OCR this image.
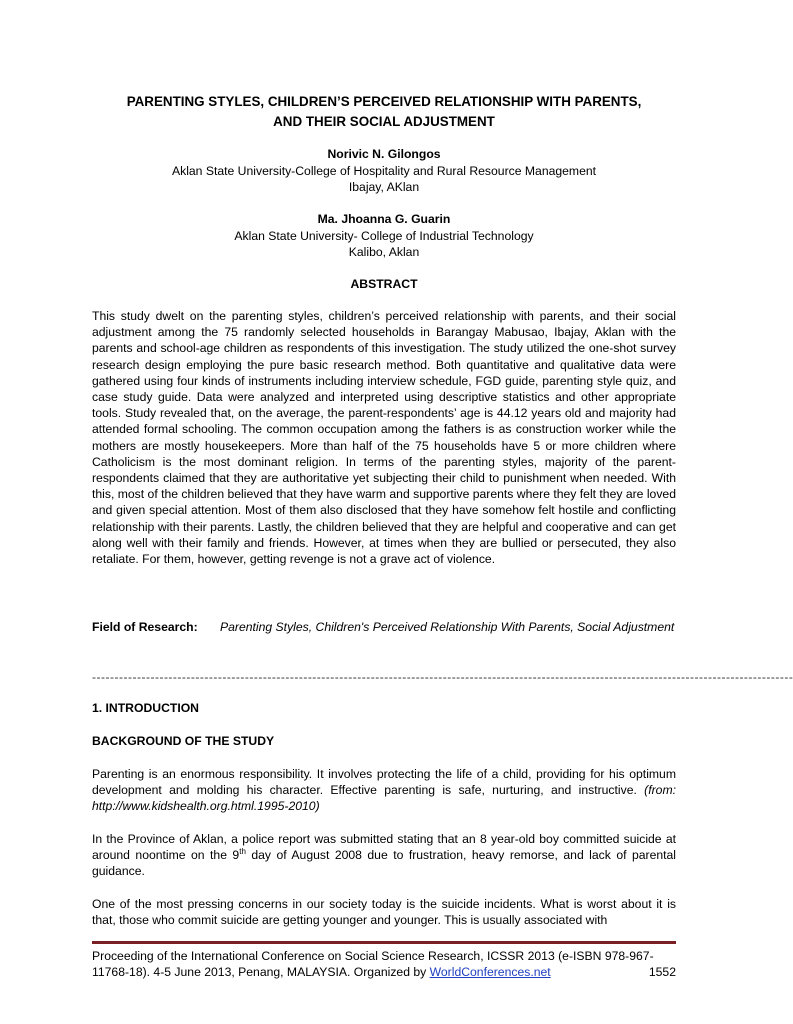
PARENTING STYLES, CHILDREN’S PERCEIVED RELATIONSHIP WITH PARENTS,
AND THEIR SOCIAL ADJUSTMENT
Norivic N. Gilongos
Aklan State University-College of Hospitality and Rural Resource Management
Ibajay, AKlan
Ma. Jhoanna G. Guarin
Aklan State University- College of Industrial Technology
Kalibo, Aklan
ABSTRACT
This study dwelt on the parenting styles, children’s perceived relationship with parents, and their social adjustment among the 75 randomly selected households in Barangay Mabusao, Ibajay, Aklan with the parents and school-age children as respondents of this investigation. The study utilized the one-shot survey research design employing the pure basic research method. Both quantitative and qualitative data were gathered using four kinds of instruments including interview schedule, FGD guide, parenting style quiz, and case study guide. Data were analyzed and interpreted using descriptive statistics and other appropriate tools. Study revealed that, on the average, the parent-respondents’ age is 44.12 years old and majority had attended formal schooling. The common occupation among the fathers is as construction worker while the mothers are mostly housekeepers. More than half of the 75 households have 5 or more children where Catholicism is the most dominant religion. In terms of the parenting styles, majority of the parent-respondents claimed that they are authoritative yet subjecting their child to punishment when needed. With this, most of the children believed that they have warm and supportive parents where they felt they are loved and given special attention. Most of them also disclosed that they have somehow felt hostile and conflicting relationship with their parents. Lastly, the children believed that they are helpful and cooperative and can get along well with their family and friends. However, at times when they are bullied or persecuted, they also retaliate. For them, however, getting revenge is not a grave act of violence.
Field of Research:	Parenting Styles, Children's Perceived Relationship With Parents, Social Adjustment
------------------------------------------------------------------------------------------------------------------------------------------------------------
1. INTRODUCTION
BACKGROUND OF THE STUDY
Parenting is an enormous responsibility. It involves protecting the life of a child, providing for his optimum development and molding his character. Effective parenting is safe, nurturing, and instructive. (from: http://www.kidshealth.org.html.1995-2010)
In the Province of Aklan, a police report was submitted stating that an 8 year-old boy committed suicide at around noontime on the 9th day of August 2008 due to frustration, heavy remorse, and lack of parental guidance.
One of the most pressing concerns in our society today is the suicide incidents. What is worst about it is that, those who commit suicide are getting younger and younger. This is usually associated with
Proceeding of the International Conference on Social Science Research, ICSSR 2013 (e-ISBN 978-967-
11768-18). 4-5 June 2013, Penang, MALAYSIA. Organized by WorldConferences.net	1552
